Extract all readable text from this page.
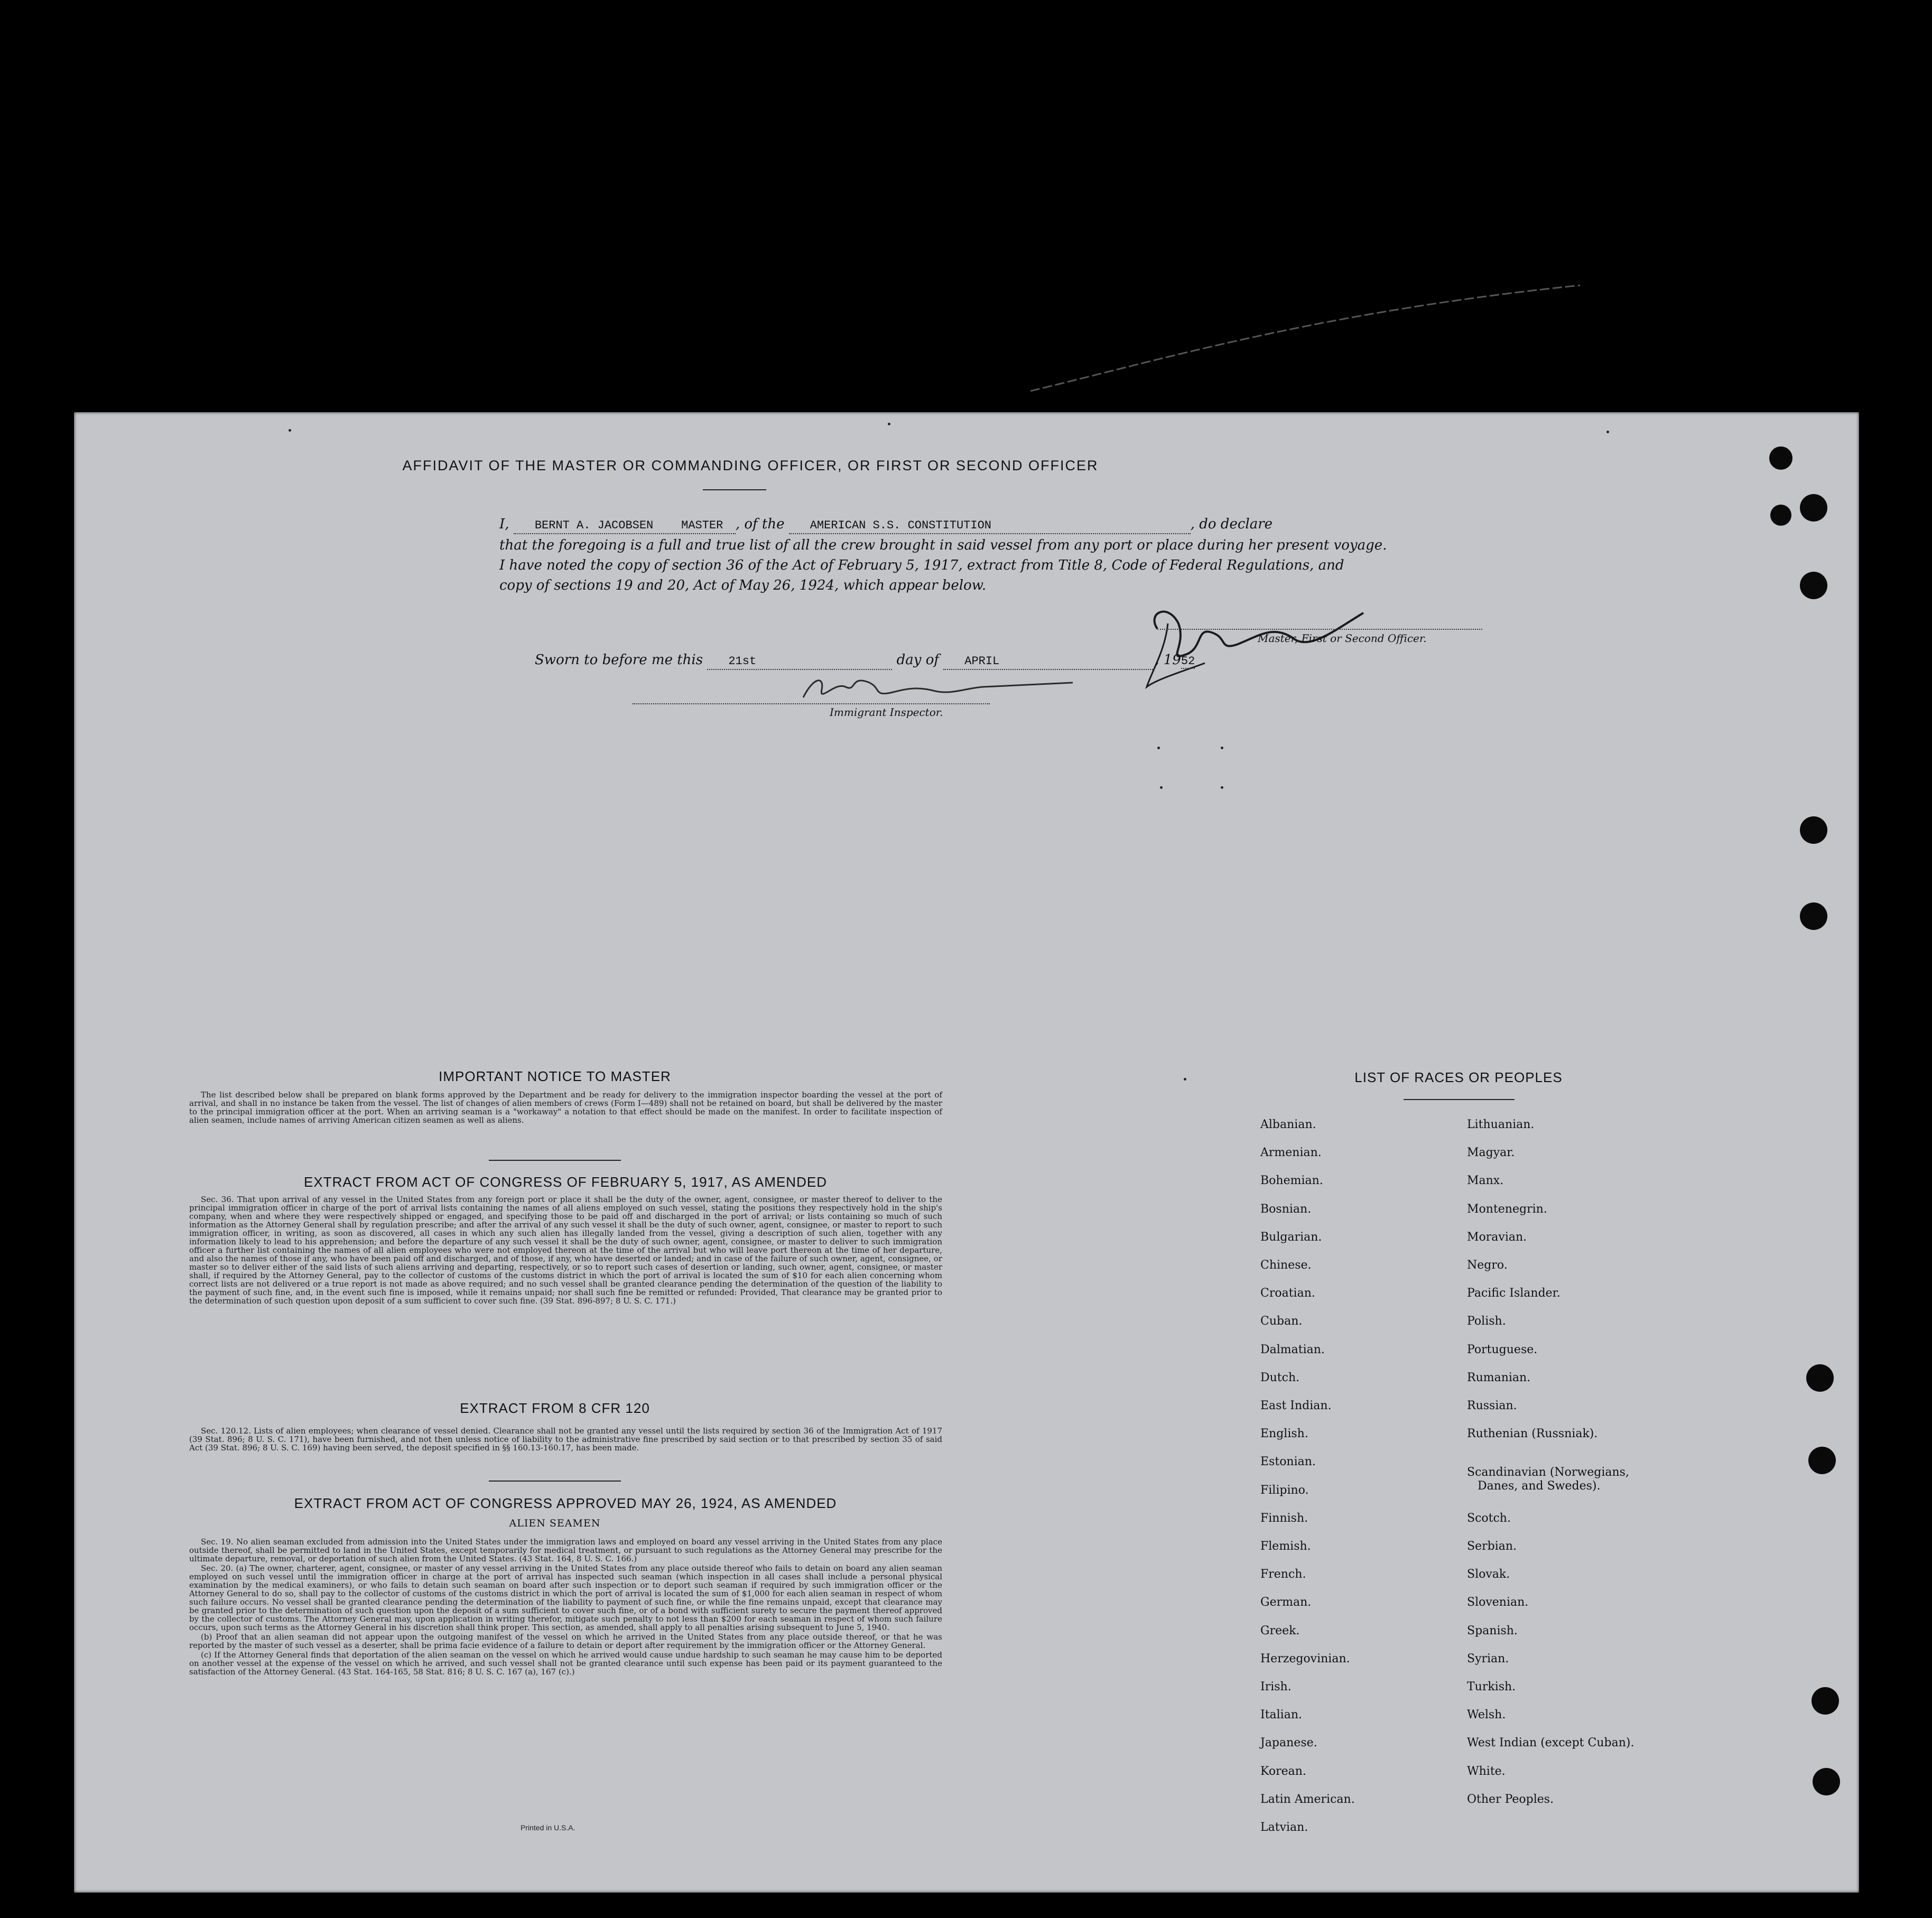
AFFIDAVIT OF THE MASTER OR COMMANDING OFFICER, OR FIRST OR SECOND OFFICER
I, BERNT A. JACOBSEN MASTER , of the AMERICAN S.S. CONSTITUTION	, do declare
that the foregoing is a full and true list of all the crew brought in said vessel from any port or place during her present voyage.
I have noted the copy of section 36 of the Act of February 5, 1917, extract from Title 8, Code of Federal Regulations, and
copy of sections 19 and 20, Act of May 26, 1924, which appear below.
Master, First or Second Officer.
Sworn to before me this 21st	day of APRIL	, 1952
Immigrant Inspector.
IMPORTANT NOTICE TO MASTER

The list described below shall be prepared on blank forms approved by the Department and be ready for delivery to the immigration inspector boarding the vessel at the port of arrival, and shall in no instance be taken from the vessel. The list of changes of alien members of crews (Form I—489) shall not be retained on board, but shall be delivered by the master to the principal immigration officer at the port. When an arriving seaman is a "workaway" a notation to that effect should be made on the manifest. In order to facilitate inspection of alien seamen, include names of arriving American citizen seamen as well as aliens.

EXTRACT FROM ACT OF CONGRESS OF FEBRUARY 5, 1917, AS AMENDED

Sec. 36. That upon arrival of any vessel in the United States from any foreign port or place it shall be the duty of the owner, agent, consignee, or master thereof to deliver to the principal immigration officer in charge of the port of arrival lists containing the names of all aliens employed on such vessel, stating the positions they respectively hold in the ship's company, when and where they were respectively shipped or engaged, and specifying those to be paid off and discharged in the port of arrival; or lists containing so much of such information as the Attorney General shall by regulation prescribe; and after the arrival of any such vessel it shall be the duty of such owner, agent, consignee, or master to report to such immigration officer, in writing, as soon as discovered, all cases in which any such alien has illegally landed from the vessel, giving a description of such alien, together with any information likely to lead to his apprehension; and before the departure of any such vessel it shall be the duty of such owner, agent, consignee, or master to deliver to such immigration officer a further list containing the names of all alien employees who were not employed thereon at the time of the arrival but who will leave port thereon at the time of her departure, and also the names of those if any, who have been paid off and discharged, and of those, if any, who have deserted or landed; and in case of the failure of such owner, agent, consignee, or master so to deliver either of the said lists of such aliens arriving and departing, respectively, or so to report such cases of desertion or landing, such owner, agent, consignee, or master shall, if required by the Attorney General, pay to the collector of customs of the customs district in which the port of arrival is located the sum of $10 for each alien concerning whom correct lists are not delivered or a true report is not made as above required; and no such vessel shall be granted clearance pending the determination of the question of the liability to the payment of such fine, and, in the event such fine is imposed, while it remains unpaid; nor shall such fine be remitted or refunded: Provided, That clearance may be granted prior to the determination of such question upon deposit of a sum sufficient to cover such fine. (39 Stat. 896-897; 8 U. S. C. 171.)

EXTRACT FROM 8 CFR 120

Sec. 120.12. Lists of alien employees; when clearance of vessel denied. Clearance shall not be granted any vessel until the lists required by section 36 of the Immigration Act of 1917 (39 Stat. 896; 8 U. S. C. 171), have been furnished, and not then unless notice of liability to the administrative fine prescribed by said section or to that prescribed by section 35 of said Act (39 Stat. 896; 8 U. S. C. 169) having been served, the deposit specified in §§ 160.13-160.17, has been made.

EXTRACT FROM ACT OF CONGRESS APPROVED MAY 26, 1924, AS AMENDED
ALIEN SEAMEN

Sec. 19. No alien seaman excluded from admission into the United States under the immigration laws and employed on board any vessel arriving in the United States from any place outside thereof, shall be permitted to land in the United States, except temporarily for medical treatment, or pursuant to such regulations as the Attorney General may prescribe for the ultimate departure, removal, or deportation of such alien from the United States. (43 Stat. 164, 8 U. S. C. 166.)

Sec. 20. (a) The owner, charterer, agent, consignee, or master of any vessel arriving in the United States from any place outside thereof who fails to detain on board any alien seaman employed on such vessel until the immigration officer in charge at the port of arrival has inspected such seaman (which inspection in all cases shall include a personal physical examination by the medical examiners), or who fails to detain such seaman on board after such inspection or to deport such seaman if required by such immigration officer or the Attorney General to do so, shall pay to the collector of customs of the customs district in which the port of arrival is located the sum of $1,000 for each alien seaman in respect of whom such failure occurs. No vessel shall be granted clearance pending the determination of the liability to payment of such fine, or while the fine remains unpaid, except that clearance may be granted prior to the determination of such question upon the deposit of a sum sufficient to cover such fine, or of a bond with sufficient surety to secure the payment thereof approved by the collector of customs. The Attorney General may, upon application in writing therefor, mitigate such penalty to not less than $200 for each seaman in respect of whom such failure occurs, upon such terms as the Attorney General in his discretion shall think proper. This section, as amended, shall apply to all penalties arising subsequent to June 5, 1940.

(b) Proof that an alien seaman did not appear upon the outgoing manifest of the vessel on which he arrived in the United States from any place outside thereof, or that he was reported by the master of such vessel as a deserter, shall be prima facie evidence of a failure to detain or deport after requirement by the immigration officer or the Attorney General.

(c) If the Attorney General finds that deportation of the alien seaman on the vessel on which he arrived would cause undue hardship to such seaman he may cause him to be deported on another vessel at the expense of the vessel on which he arrived, and such vessel shall not be granted clearance until such expense has been paid or its payment guaranteed to the satisfaction of the Attorney General. (43 Stat. 164-165, 58 Stat. 816; 8 U. S. C. 167 (a), 167 (c).)

Printed in U.S.A.
LIST OF RACES OR PEOPLES
Albanian.
Armenian.
Bohemian.
Bosnian.
Bulgarian.
Chinese.
Croatian.
Cuban.
Dalmatian.
Dutch.
East Indian.
English.
Estonian.
Filipino.
Finnish.
Flemish.
French.
German.
Greek.
Herzegovinian.
Irish.
Italian.
Japanese.
Korean.
Latin American.
Latvian.
Lithuanian.
Magyar.
Manx.
Montenegrin.
Moravian.
Negro.
Pacific Islander.
Polish.
Portuguese.
Rumanian.
Russian.
Ruthenian (Russniak).
Scandinavian (Norwegians,
Danes, and Swedes).
Scotch.
Serbian.
Slovak.
Slovenian.
Spanish.
Syrian.
Turkish.
Welsh.
West Indian (except Cuban).
White.
Other Peoples.
